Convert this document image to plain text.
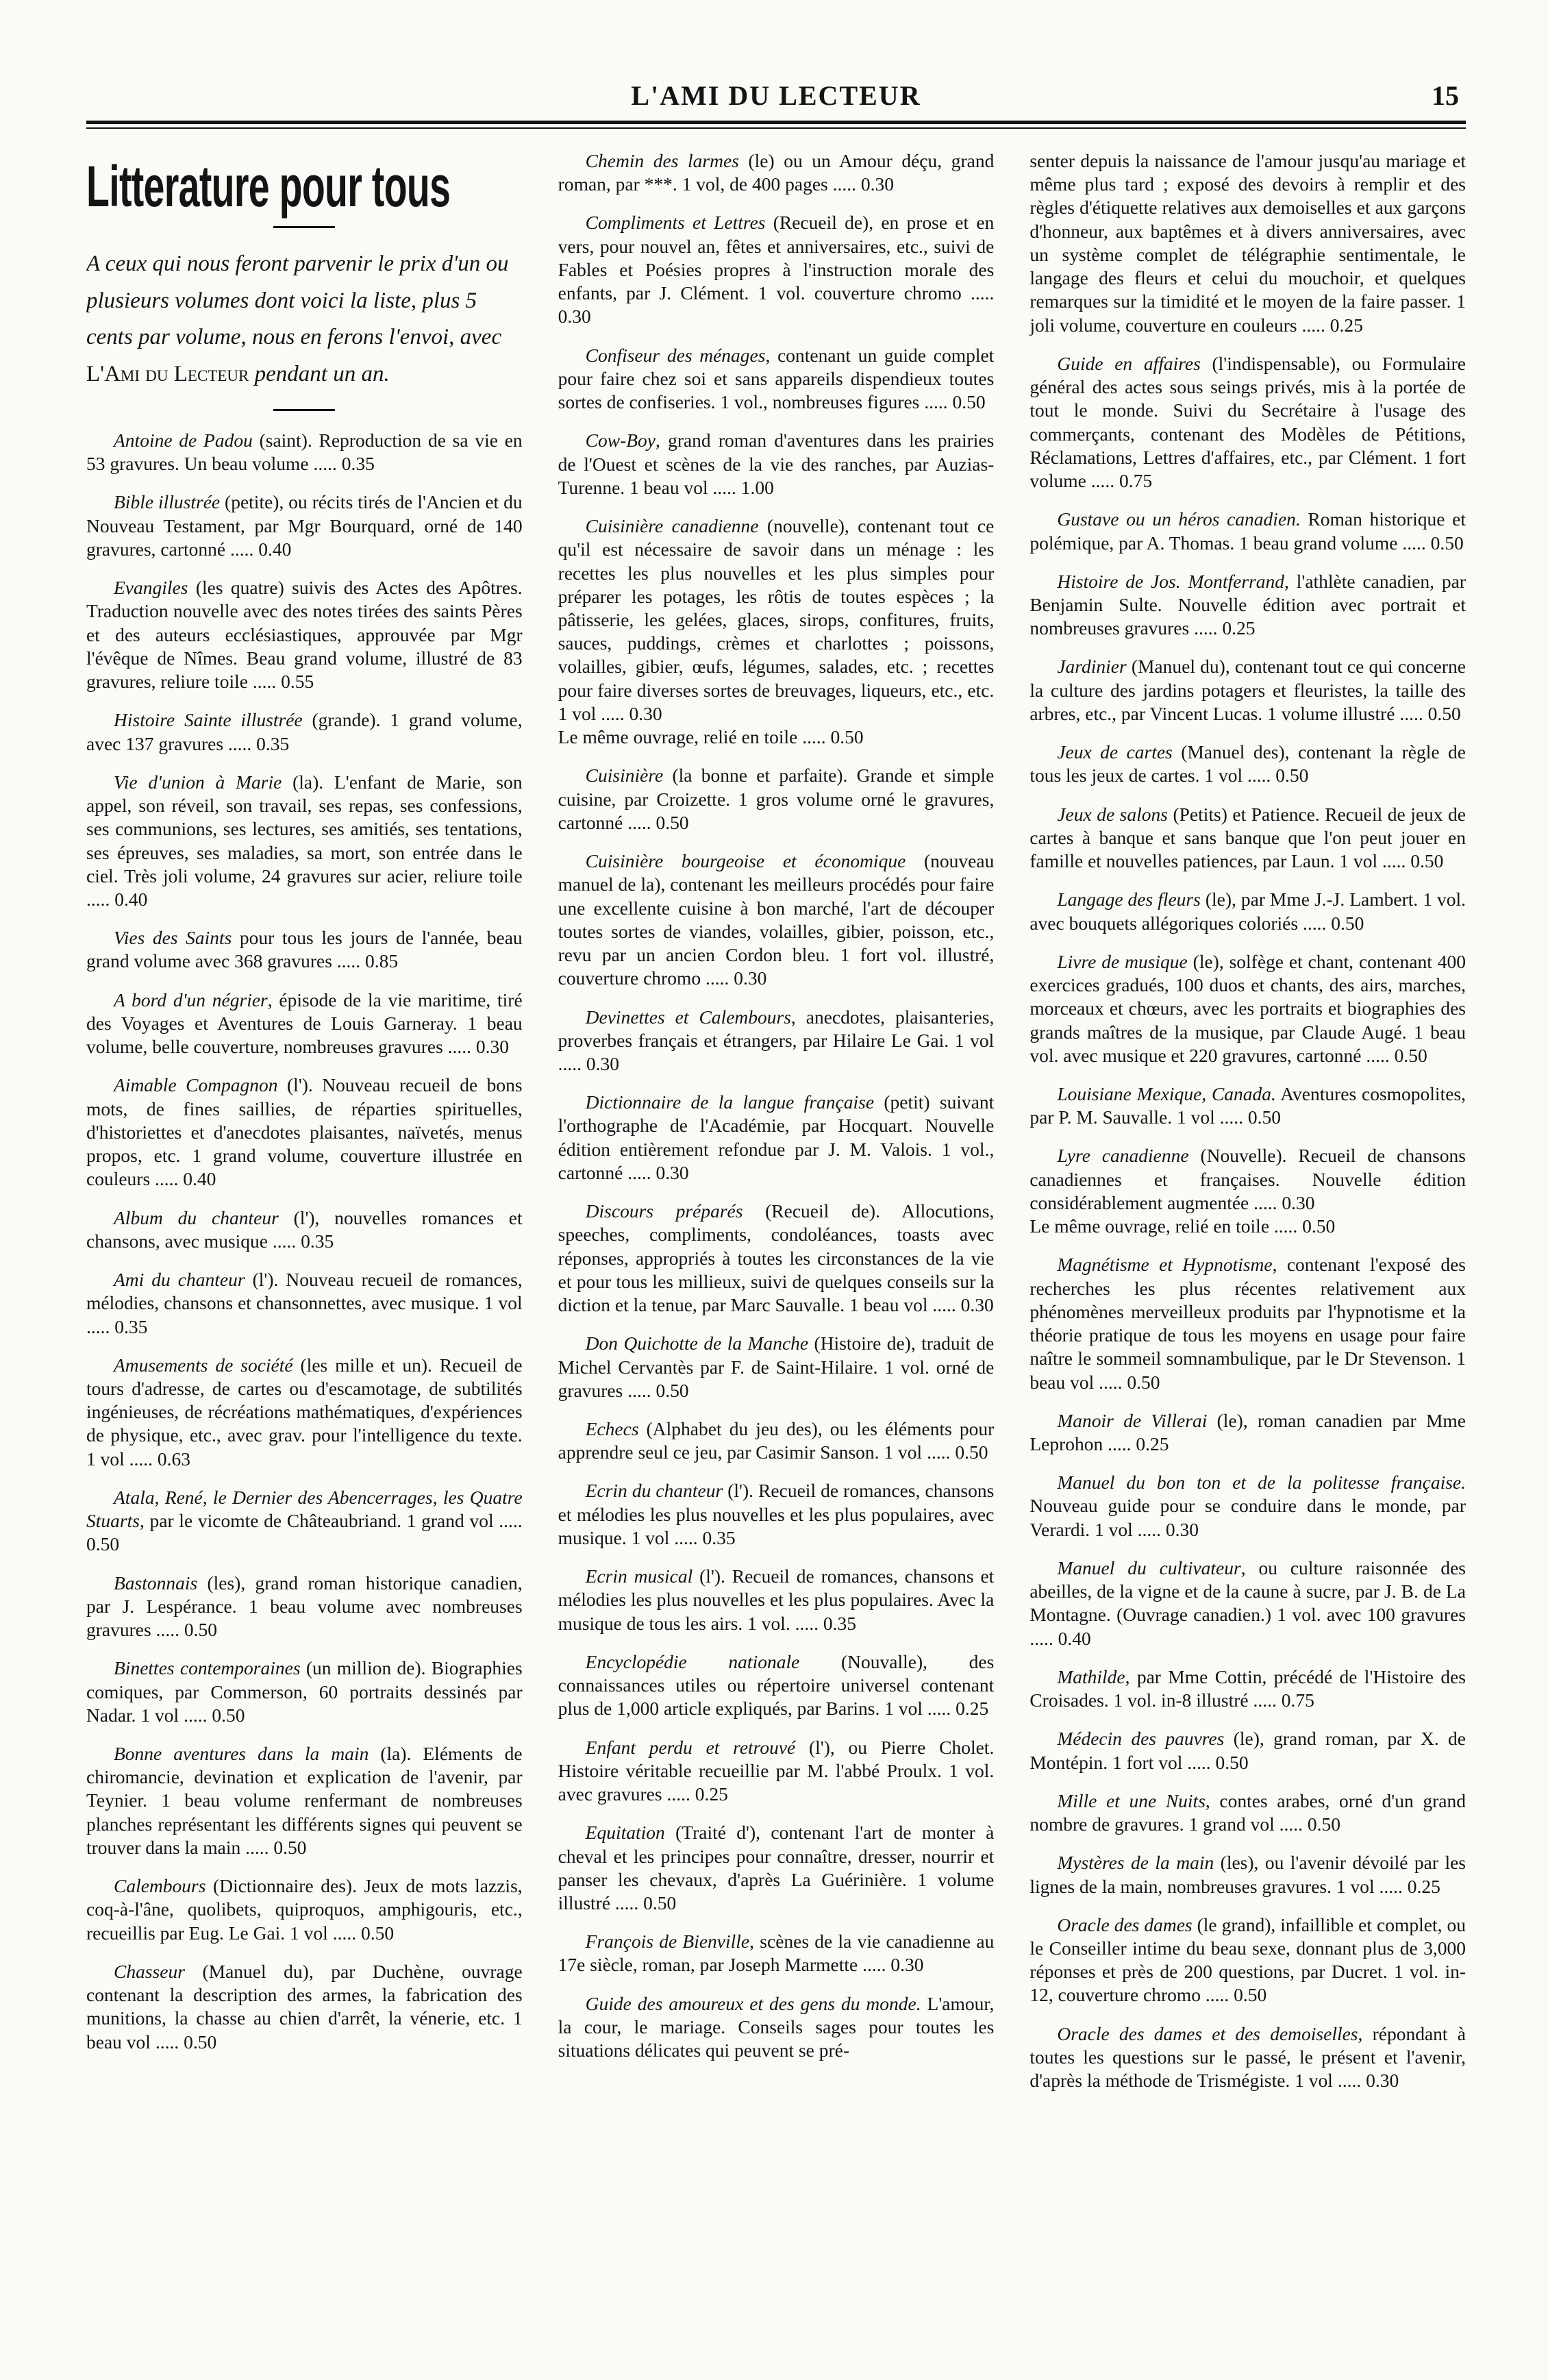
L'AMI DU LECTEUR	15
Litterature pour tous

A ceux qui nous feront parvenir le prix d'un ou plusieurs volumes dont voici la liste, plus 5 cents par volume, nous en ferons l'envoi, avec L'Ami du Lecteur pendant un an.

Antoine de Padou (saint). Reproduction de sa vie en 53 gravures. Un beau volume ..... 0.35

Bible illustrée (petite), ou récits tirés de l'Ancien et du Nouveau Testament, par Mgr Bourquard, orné de 140 gravures, cartonné ..... 0.40

Evangiles (les quatre) suivis des Actes des Apôtres. Traduction nouvelle avec des notes tirées des saints Pères et des auteurs ecclésiastiques, approuvée par Mgr l'évêque de Nîmes. Beau grand volume, illustré de 83 gravures, reliure toile ..... 0.55

Histoire Sainte illustrée (grande). 1 grand volume, avec 137 gravures ..... 0.35

Vie d'union à Marie (la). L'enfant de Marie, son appel, son réveil, son travail, ses repas, ses confessions, ses communions, ses lectures, ses amitiés, ses tentations, ses épreuves, ses maladies, sa mort, son entrée dans le ciel. Très joli volume, 24 gravures sur acier, reliure toile ..... 0.40

Vies des Saints pour tous les jours de l'année, beau grand volume avec 368 gravures ..... 0.85

A bord d'un négrier, épisode de la vie maritime, tiré des Voyages et Aventures de Louis Garneray. 1 beau volume, belle couverture, nombreuses gravures ..... 0.30

Aimable Compagnon (l'). Nouveau recueil de bons mots, de fines saillies, de réparties spirituelles, d'historiettes et d'anecdotes plaisantes, naïvetés, menus propos, etc. 1 grand volume, couverture illustrée en couleurs ..... 0.40

Album du chanteur (l'), nouvelles romances et chansons, avec musique ..... 0.35

Ami du chanteur (l'). Nouveau recueil de romances, mélodies, chansons et chansonnettes, avec musique. 1 vol ..... 0.35

Amusements de société (les mille et un). Recueil de tours d'adresse, de cartes ou d'escamotage, de subtilités ingénieuses, de récréations mathématiques, d'expériences de physique, etc., avec grav. pour l'intelligence du texte. 1 vol ..... 0.63

Atala, René, le Dernier des Abencerrages, les Quatre Stuarts, par le vicomte de Châteaubriand. 1 grand vol ..... 0.50

Bastonnais (les), grand roman historique canadien, par J. Lespérance. 1 beau volume avec nombreuses gravures ..... 0.50

Binettes contemporaines (un million de). Biographies comiques, par Commerson, 60 portraits dessinés par Nadar. 1 vol ..... 0.50

Bonne aventures dans la main (la). Eléments de chiromancie, devination et explication de l'avenir, par Teynier. 1 beau volume renfermant de nombreuses planches représentant les différents signes qui peuvent se trouver dans la main ..... 0.50

Calembours (Dictionnaire des). Jeux de mots lazzis, coq-à-l'âne, quolibets, quiproquos, amphigouris, etc., recueillis par Eug. Le Gai. 1 vol ..... 0.50

Chasseur (Manuel du), par Duchène, ouvrage contenant la description des armes, la fabrication des munitions, la chasse au chien d'arrêt, la vénerie, etc. 1 beau vol ..... 0.50

Chemin des larmes (le) ou un Amour déçu, grand roman, par ***. 1 vol, de 400 pages ..... 0.30

Compliments et Lettres (Recueil de), en prose et en vers, pour nouvel an, fêtes et anniversaires, etc., suivi de Fables et Poésies propres à l'instruction morale des enfants, par J. Clément. 1 vol. couverture chromo ..... 0.30

Confiseur des ménages, contenant un guide complet pour faire chez soi et sans appareils dispendieux toutes sortes de confiseries. 1 vol., nombreuses figures ..... 0.50

Cow-Boy, grand roman d'aventures dans les prairies de l'Ouest et scènes de la vie des ranches, par Auzias-Turenne. 1 beau vol ..... 1.00

Cuisinière canadienne (nouvelle), contenant tout ce qu'il est nécessaire de savoir dans un ménage : les recettes les plus nouvelles et les plus simples pour préparer les potages, les rôtis de toutes espèces ; la pâtisserie, les gelées, glaces, sirops, confitures, fruits, sauces, puddings, crèmes et charlottes ; poissons, volailles, gibier, œufs, légumes, salades, etc. ; recettes pour faire diverses sortes de breuvages, liqueurs, etc., etc. 1 vol ..... 0.30
Le même ouvrage, relié en toile ..... 0.50

Cuisinière (la bonne et parfaite). Grande et simple cuisine, par Croizette. 1 gros volume orné le gravures, cartonné ..... 0.50

Cuisinière bourgeoise et économique (nouveau manuel de la), contenant les meilleurs procédés pour faire une excellente cuisine à bon marché, l'art de découper toutes sortes de viandes, volailles, gibier, poisson, etc., revu par un ancien Cordon bleu. 1 fort vol. illustré, couverture chromo ..... 0.30

Devinettes et Calembours, anecdotes, plaisanteries, proverbes français et étrangers, par Hilaire Le Gai. 1 vol ..... 0.30

Dictionnaire de la langue française (petit) suivant l'orthographe de l'Académie, par Hocquart. Nouvelle édition entièrement refondue par J. M. Valois. 1 vol., cartonné ..... 0.30

Discours préparés (Recueil de). Allocutions, speeches, compliments, condoléances, toasts avec réponses, appropriés à toutes les circonstances de la vie et pour tous les millieux, suivi de quelques conseils sur la diction et la tenue, par Marc Sauvalle. 1 beau vol ..... 0.30

Don Quichotte de la Manche (Histoire de), traduit de Michel Cervantès par F. de Saint-Hilaire. 1 vol. orné de gravures ..... 0.50

Echecs (Alphabet du jeu des), ou les éléments pour apprendre seul ce jeu, par Casimir Sanson. 1 vol ..... 0.50

Ecrin du chanteur (l'). Recueil de romances, chansons et mélodies les plus nouvelles et les plus populaires, avec musique. 1 vol ..... 0.35

Ecrin musical (l'). Recueil de romances, chansons et mélodies les plus nouvelles et les plus populaires. Avec la musique de tous les airs. 1 vol. ..... 0.35

Encyclopédie nationale (Nouvalle), des connaissances utiles ou répertoire universel contenant plus de 1,000 article expliqués, par Barins. 1 vol ..... 0.25

Enfant perdu et retrouvé (l'), ou Pierre Cholet. Histoire véritable recueillie par M. l'abbé Proulx. 1 vol. avec gravures ..... 0.25

Equitation (Traité d'), contenant l'art de monter à cheval et les principes pour connaître, dresser, nourrir et panser les chevaux, d'après La Guérinière. 1 volume illustré ..... 0.50

François de Bienville, scènes de la vie canadienne au 17e siècle, roman, par Joseph Marmette ..... 0.30

Guide des amoureux et des gens du monde. L'amour, la cour, le mariage. Conseils sages pour toutes les situations délicates qui peuvent se pré-

senter depuis la naissance de l'amour jusqu'au mariage et même plus tard ; exposé des devoirs à remplir et des règles d'étiquette relatives aux demoiselles et aux garçons d'honneur, aux baptêmes et à divers anniversaires, avec un système complet de télégraphie sentimentale, le langage des fleurs et celui du mouchoir, et quelques remarques sur la timidité et le moyen de la faire passer. 1 joli volume, couverture en couleurs ..... 0.25

Guide en affaires (l'indispensable), ou Formulaire général des actes sous seings privés, mis à la portée de tout le monde. Suivi du Secrétaire à l'usage des commerçants, contenant des Modèles de Pétitions, Réclamations, Lettres d'affaires, etc., par Clément. 1 fort volume ..... 0.75

Gustave ou un héros canadien. Roman historique et polémique, par A. Thomas. 1 beau grand volume ..... 0.50

Histoire de Jos. Montferrand, l'athlète canadien, par Benjamin Sulte. Nouvelle édition avec portrait et nombreuses gravures ..... 0.25

Jardinier (Manuel du), contenant tout ce qui concerne la culture des jardins potagers et fleuristes, la taille des arbres, etc., par Vincent Lucas. 1 volume illustré ..... 0.50

Jeux de cartes (Manuel des), contenant la règle de tous les jeux de cartes. 1 vol ..... 0.50

Jeux de salons (Petits) et Patience. Recueil de jeux de cartes à banque et sans banque que l'on peut jouer en famille et nouvelles patiences, par Laun. 1 vol ..... 0.50

Langage des fleurs (le), par Mme J.-J. Lambert. 1 vol. avec bouquets allégoriques coloriés ..... 0.50

Livre de musique (le), solfège et chant, contenant 400 exercices gradués, 100 duos et chants, des airs, marches, morceaux et chœurs, avec les portraits et biographies des grands maîtres de la musique, par Claude Augé. 1 beau vol. avec musique et 220 gravures, cartonné ..... 0.50

Louisiane Mexique, Canada. Aventures cosmopolites, par P. M. Sauvalle. 1 vol ..... 0.50

Lyre canadienne (Nouvelle). Recueil de chansons canadiennes et françaises. Nouvelle édition considérablement augmentée ..... 0.30
Le même ouvrage, relié en toile ..... 0.50

Magnétisme et Hypnotisme, contenant l'exposé des recherches les plus récentes relativement aux phénomènes merveilleux produits par l'hypnotisme et la théorie pratique de tous les moyens en usage pour faire naître le sommeil somnambulique, par le Dr Stevenson. 1 beau vol ..... 0.50

Manoir de Villerai (le), roman canadien par Mme Leprohon ..... 0.25

Manuel du bon ton et de la politesse française. Nouveau guide pour se conduire dans le monde, par Verardi. 1 vol ..... 0.30

Manuel du cultivateur, ou culture raisonnée des abeilles, de la vigne et de la caune à sucre, par J. B. de La Montagne. (Ouvrage canadien.) 1 vol. avec 100 gravures ..... 0.40

Mathilde, par Mme Cottin, précédé de l'Histoire des Croisades. 1 vol. in-8 illustré ..... 0.75

Médecin des pauvres (le), grand roman, par X. de Montépin. 1 fort vol ..... 0.50

Mille et une Nuits, contes arabes, orné d'un grand nombre de gravures. 1 grand vol ..... 0.50

Mystères de la main (les), ou l'avenir dévoilé par les lignes de la main, nombreuses gravures. 1 vol ..... 0.25

Oracle des dames (le grand), infaillible et complet, ou le Conseiller intime du beau sexe, donnant plus de 3,000 réponses et près de 200 questions, par Ducret. 1 vol. in-12, couverture chromo ..... 0.50

Oracle des dames et des demoiselles, répondant à toutes les questions sur le passé, le présent et l'avenir, d'après la méthode de Trismégiste. 1 vol ..... 0.30
